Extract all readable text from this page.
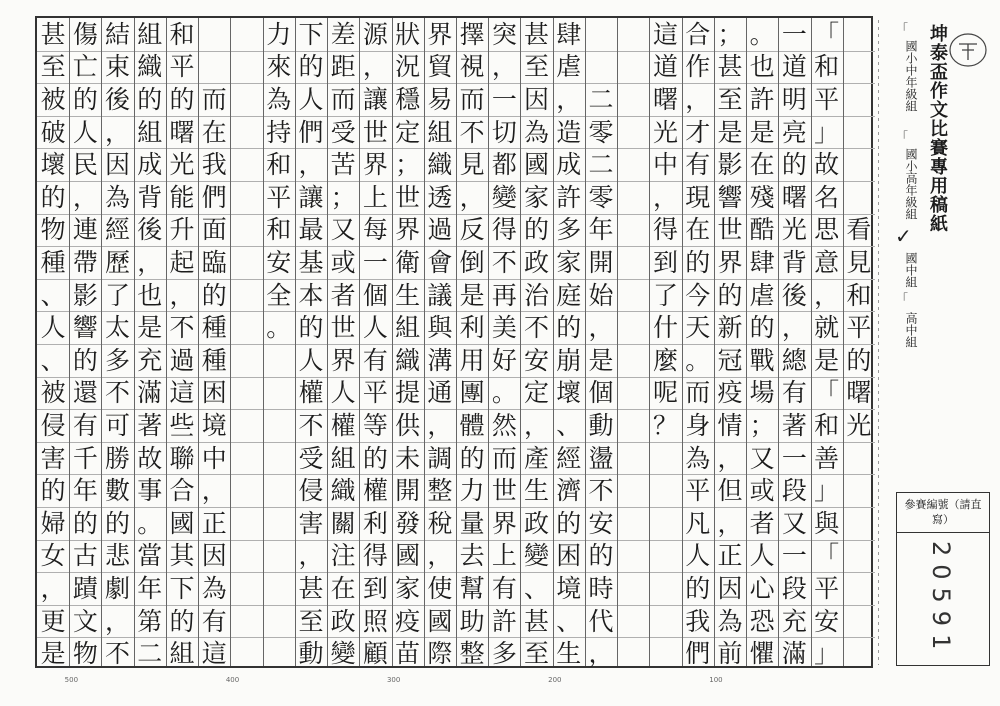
看
見
和
平
的
曙
光
「
和
平
」
故
名
思
意
，
就
是
「
和
善
」
與
「
平
安
」
一
道
明
亮
的
曙
光
背
後
，
總
有
著
一
段
又
一
段
充
滿
。
也
許
是
在
殘
酷
肆
虐
的
戰
場
；
又
或
者
人
心
恐
懼
；
甚
至
是
影
響
世
界
的
新
冠
疫
情
，
但
，
正
因
為
前
合
作
，
才
有
現
在
的
今
天
。
而
身
為
平
凡
人
的
我
們
這
道
曙
光
中
，
得
到
了
什
麼
呢
？
二
零
二
零
年
開
始
，
是
個
動
盪
不
安
的
時
代
，
肆
虐
，
造
成
許
多
家
庭
的
崩
壞
、
經
濟
的
困
境
、
生
甚
至
因
為
國
家
的
政
治
不
安
定
，
產
生
政
變
、
甚
至
突
，
一
切
都
變
得
不
再
美
好
。
然
而
世
界
上
有
許
多
擇
視
而
不
見
，
反
倒
是
利
用
團
體
的
力
量
去
幫
助
整
界
貿
易
組
織
透
過
會
議
與
溝
通
，
調
整
稅
，
使
國
際
狀
況
穩
定
；
世
界
衛
生
組
織
提
供
未
開
發
國
家
疫
苗
源
，
讓
世
界
上
每
一
個
人
有
平
等
的
權
利
得
到
照
顧
差
距
而
受
苦
；
又
或
者
世
界
人
權
組
織
關
注
在
政
變
下
的
人
們
，
讓
最
基
本
的
人
權
不
受
侵
害
，
甚
至
動
力
來
為
持
和
平
和
安
全
。
而
在
我
們
面
臨
的
種
種
困
境
中
，
正
因
為
有
這
和
平
的
曙
光
能
升
起
，
不
過
這
些
聯
合
國
其
下
的
組
組
織
的
組
成
背
後
，
也
是
充
滿
著
故
事
。
當
年
第
二
結
束
後
，
因
為
經
歷
了
太
多
不
可
勝
數
的
悲
劇
，
不
傷
亡
的
人
民
，
連
帶
影
響
的
還
有
千
年
的
古
蹟
文
物
甚
至
被
破
壞
的
物
種
、
人
、
被
侵
害
的
婦
女
，
更
是
坤泰盃作文比賽專用稿紙
「
國小中年級組
「
國小高年級組
✓
國中組
「
高中組
參賽編號（請直寫）
20591
100
200
300
400
500
